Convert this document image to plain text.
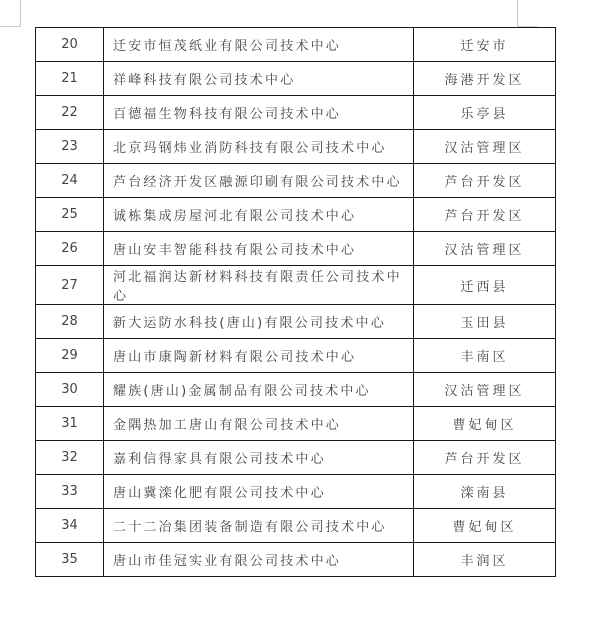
20	迁安市恒茂纸业有限公司技术中心	迁安市
21	祥峰科技有限公司技术中心	海港开发区
22	百德福生物科技有限公司技术中心	乐亭县
23	北京玛钢炜业消防科技有限公司技术中心	汉沽管理区
24	芦台经济开发区融源印刷有限公司技术中心	芦台开发区
25	诚栋集成房屋河北有限公司技术中心	芦台开发区
26	唐山安丰智能科技有限公司技术中心	汉沽管理区
27	河北福润达新材料科技有限责任公司技术中心	迁西县
28	新大运防水科技(唐山)有限公司技术中心	玉田县
29	唐山市康陶新材料有限公司技术中心	丰南区
30	耀族(唐山)金属制品有限公司技术中心	汉沽管理区
31	金隅热加工唐山有限公司技术中心	曹妃甸区
32	嘉利信得家具有限公司技术中心	芦台开发区
33	唐山冀滦化肥有限公司技术中心	滦南县
34	二十二冶集团装备制造有限公司技术中心	曹妃甸区
35	唐山市佳冠实业有限公司技术中心	丰润区
